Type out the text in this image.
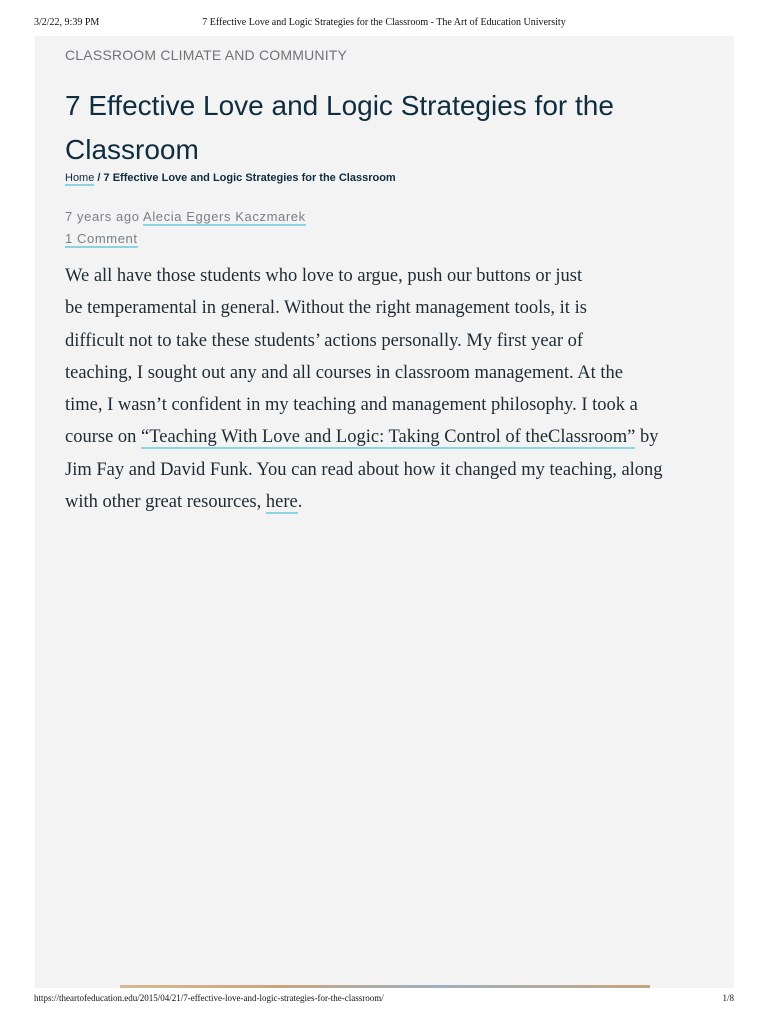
3/2/22, 9:39 PM	7 Effective Love and Logic Strategies for the Classroom - The Art of Education University
CLASSROOM CLIMATE AND COMMUNITY
7 Effective Love and Logic Strategies for the Classroom
Home / 7 Effective Love and Logic Strategies for the Classroom
7 years ago Alecia Eggers Kaczmarek
1 Comment

We all have those students who love to argue, push our buttons or just
be temperamental in general. Without the right management tools, it is
difficult not to take these students’ actions personally. My first year of
teaching, I sought out any and all courses in classroom management. At the
time, I wasn’t confident in my teaching and management philosophy. I took a
course on “Teaching With Love and Logic: Taking Control of theClassroom” by
Jim Fay and David Funk. You can read about how it changed my teaching, along
with other great resources, here.

https://theartofeducation.edu/2015/04/21/7-effective-love-and-logic-strategies-for-the-classroom/	1/8
